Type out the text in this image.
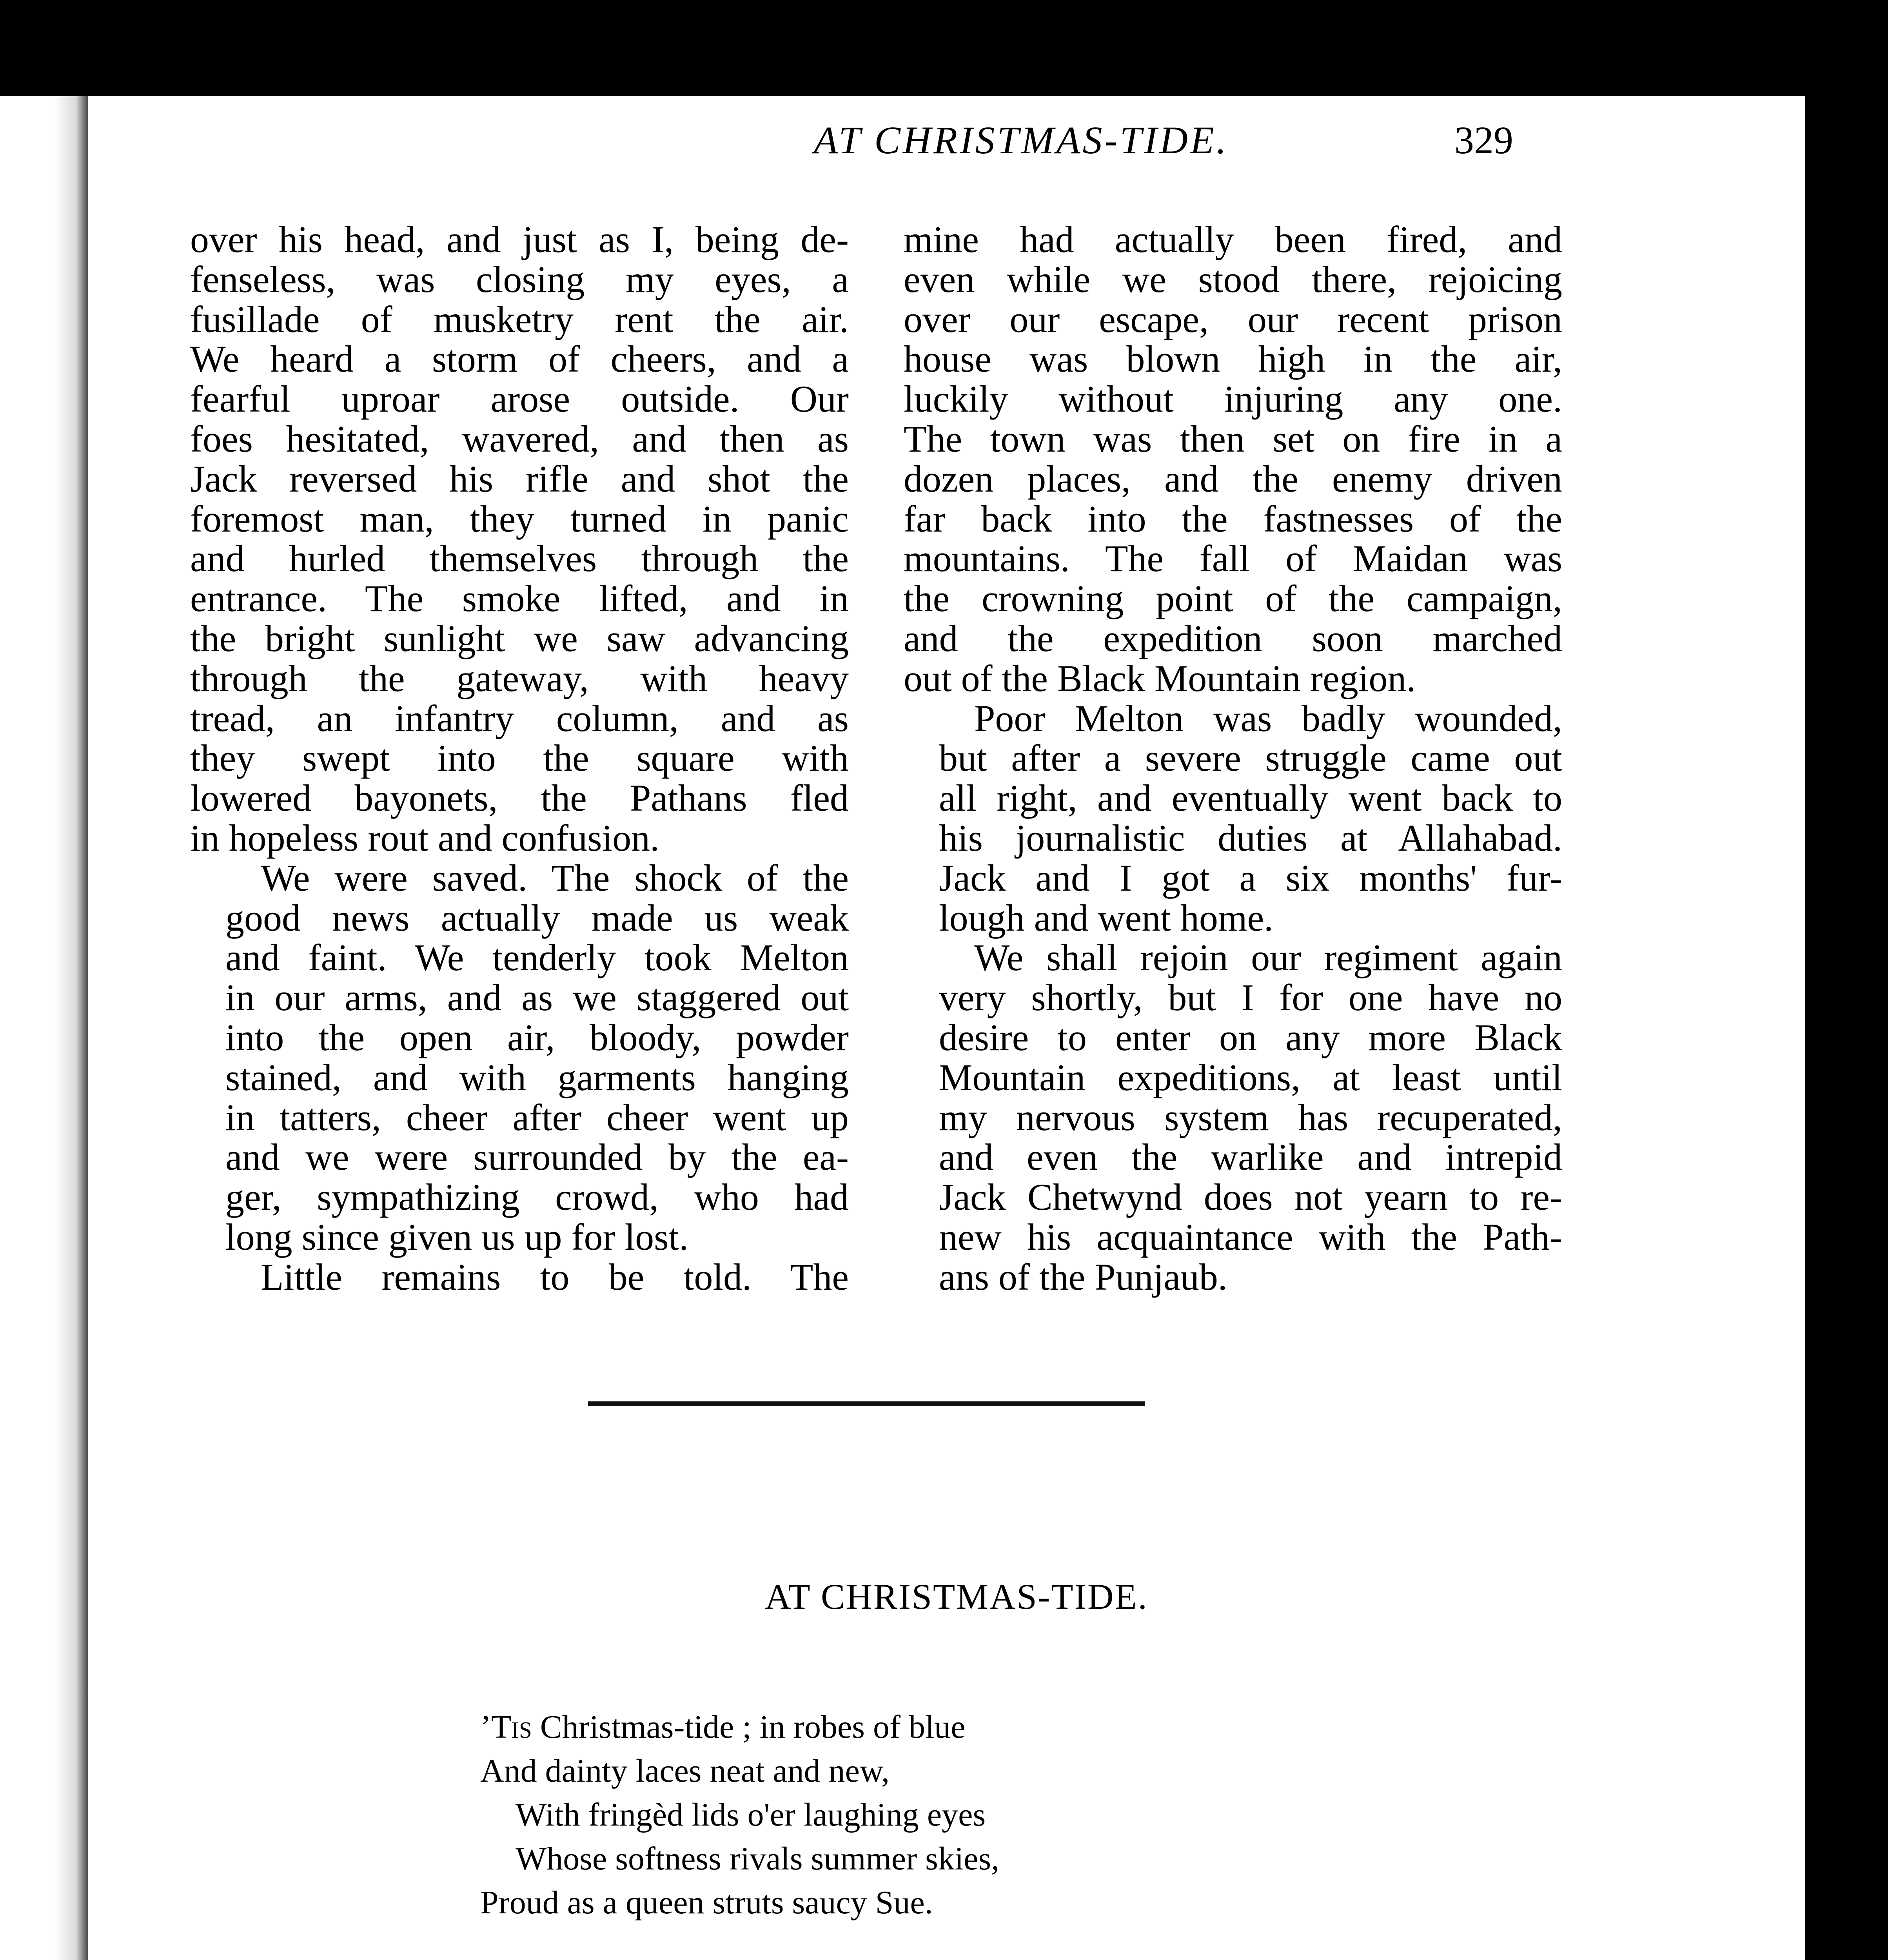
AT CHRISTMAS-TIDE.	329

over his head, and just as I, being de-
fenseless, was closing my eyes, a
fusillade of musketry rent the air.
We heard a storm of cheers, and a
fearful uproar arose outside. Our
foes hesitated, wavered, and then as
Jack reversed his rifle and shot the
foremost man, they turned in panic
and hurled themselves through the
entrance. The smoke lifted, and in
the bright sunlight we saw advancing
through the gateway, with heavy
tread, an infantry column, and as
they swept into the square with
lowered bayonets, the Pathans fled
in hopeless rout and confusion.

We were saved. The shock of the
good news actually made us weak
and faint. We tenderly took Melton
in our arms, and as we staggered out
into the open air, bloody, powder
stained, and with garments hanging
in tatters, cheer after cheer went up
and we were surrounded by the ea-
ger, sympathizing crowd, who had
long since given us up for lost.

Little remains to be told. The

mine had actually been fired, and
even while we stood there, rejoicing
over our escape, our recent prison
house was blown high in the air,
luckily without injuring any one.
The town was then set on fire in a
dozen places, and the enemy driven
far back into the fastnesses of the
mountains. The fall of Maidan was
the crowning point of the campaign,
and the expedition soon marched
out of the Black Mountain region.

Poor Melton was badly wounded,
but after a severe struggle came out
all right, and eventually went back to
his journalistic duties at Allahabad.
Jack and I got a six months' fur-
lough and went home.

We shall rejoin our regiment again
very shortly, but I for one have no
desire to enter on any more Black
Mountain expeditions, at least until
my nervous system has recuperated,
and even the warlike and intrepid
Jack Chetwynd does not yearn to re-
new his acquaintance with the Path-
ans of the Punjaub.

AT CHRISTMAS-TIDE.
’Tis Christmas-tide ; in robes of blue
And dainty laces neat and new,
With fringèd lids o'er laughing eyes
Whose softness rivals summer skies,
Proud as a queen struts saucy Sue.
